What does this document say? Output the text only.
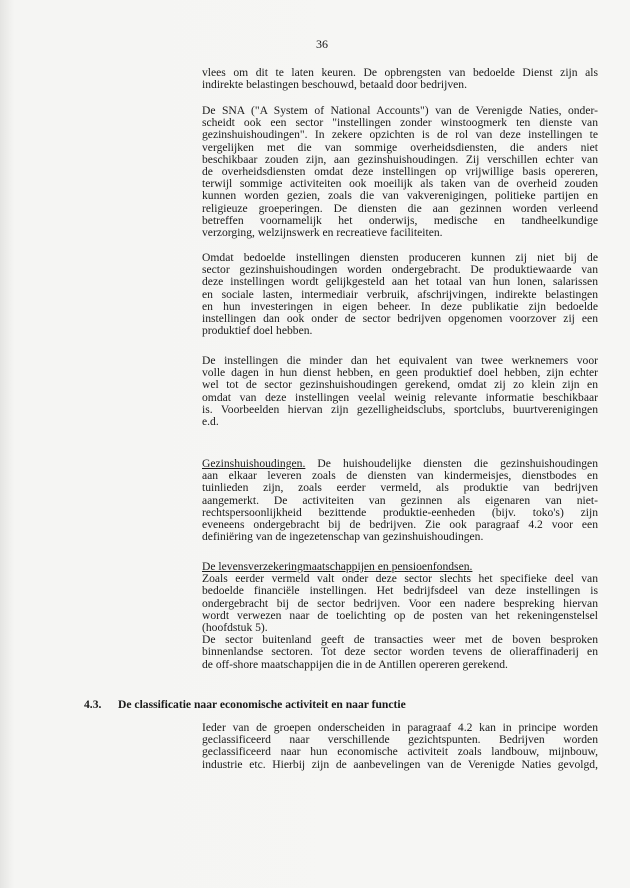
36
vlees om dit te laten keuren. De opbrengsten van bedoelde Dienst zijn als
indirekte belastingen beschouwd, betaald door bedrijven.
De SNA ("A System of National Accounts") van de Verenigde Naties, onder-
scheidt ook een sector "instellingen zonder winstoogmerk ten dienste van
gezinshuishoudingen". In zekere opzichten is de rol van deze instellingen te
vergelijken met die van sommige overheidsdiensten, die anders niet
beschikbaar zouden zijn, aan gezinshuishoudingen. Zij verschillen echter van
de overheidsdiensten omdat deze instellingen op vrijwillige basis opereren,
terwijl sommige activiteiten ook moeilijk als taken van de overheid zouden
kunnen worden gezien, zoals die van vakverenigingen, politieke partijen en
religieuze groeperingen. De diensten die aan gezinnen worden verleend
betreffen voornamelijk het onderwijs, medische en tandheelkundige
verzorging, welzijnswerk en recreatieve faciliteiten.
Omdat bedoelde instellingen diensten produceren kunnen zij niet bij de
sector gezinshuishoudingen worden ondergebracht. De produktiewaarde van
deze instellingen wordt gelijkgesteld aan het totaal van hun lonen, salarissen
en sociale lasten, intermediair verbruik, afschrijvingen, indirekte belastingen
en hun investeringen in eigen beheer. In deze publikatie zijn bedoelde
instellingen dan ook onder de sector bedrijven opgenomen voorzover zij een
produktief doel hebben.
De instellingen die minder dan het equivalent van twee werknemers voor
volle dagen in hun dienst hebben, en geen produktief doel hebben, zijn echter
wel tot de sector gezinshuishoudingen gerekend, omdat zij zo klein zijn en
omdat van deze instellingen veelal weinig relevante informatie beschikbaar
is. Voorbeelden hiervan zijn gezelligheidsclubs, sportclubs, buurtverenigingen
e.d.
Gezinshuishoudingen. De huishoudelijke diensten die gezinshuishoudingen
aan elkaar leveren zoals de diensten van kindermeisjes, dienstbodes en
tuinlieden zijn, zoals eerder vermeld, als produktie van bedrijven
aangemerkt. De activiteiten van gezinnen als eigenaren van niet-
rechtspersoonlijkheid bezittende produktie-eenheden (bijv. toko's) zijn
eveneens ondergebracht bij de bedrijven. Zie ook paragraaf 4.2 voor een
definiëring van de ingezetenschap van gezinshuishoudingen.
De levensverzekeringmaatschappijen en pensioenfondsen.
Zoals eerder vermeld valt onder deze sector slechts het specifieke deel van
bedoelde financiële instellingen. Het bedrijfsdeel van deze instellingen is
ondergebracht bij de sector bedrijven. Voor een nadere bespreking hiervan
wordt verwezen naar de toelichting op de posten van het rekeningenstelsel
(hoofdstuk 5).
De sector buitenland geeft de transacties weer met de boven besproken
binnenlandse sectoren. Tot deze sector worden tevens de olieraffinaderij en
de off-shore maatschappijen die in de Antillen opereren gerekend.
4.3. De classificatie naar economische activiteit en naar functie
Ieder van de groepen onderscheiden in paragraaf 4.2 kan in principe worden
geclassificeerd naar verschillende gezichtspunten. Bedrijven worden
geclassificeerd naar hun economische activiteit zoals landbouw, mijnbouw,
industrie etc. Hierbij zijn de aanbevelingen van de Verenigde Naties gevolgd,
